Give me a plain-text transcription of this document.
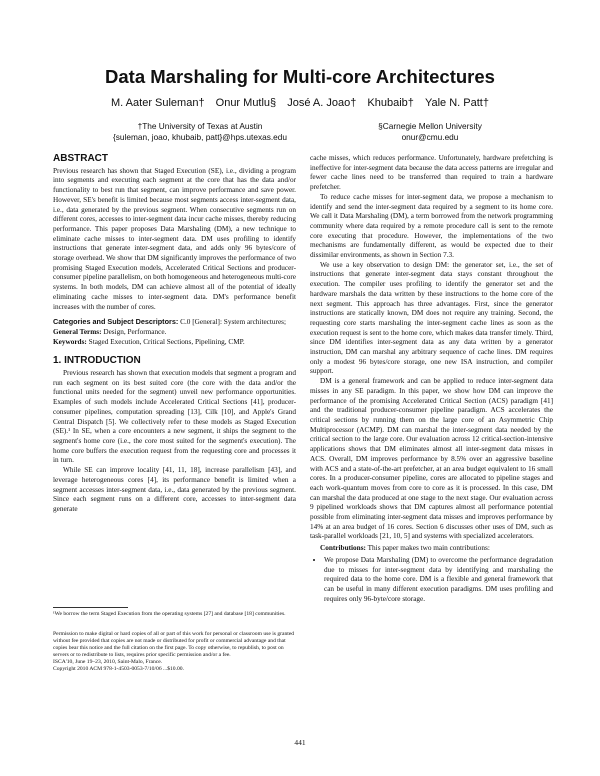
Data Marshaling for Multi-core Architectures
M. Aater Suleman† Onur Mutlu§ José A. Joao† Khubaib† Yale N. Patt†
†The University of Texas at Austin
{suleman, joao, khubaib, patt}@hps.utexas.edu
§Carnegie Mellon University
onur@cmu.edu
ABSTRACT

Previous research has shown that Staged Execution (SE), i.e., dividing a program into segments and executing each segment at the core that has the data and/or functionality to best run that segment, can improve performance and save power. However, SE's benefit is limited because most segments access inter-segment data, i.e., data generated by the previous segment. When consecutive segments run on different cores, accesses to inter-segment data incur cache misses, thereby reducing performance. This paper proposes Data Marshaling (DM), a new technique to eliminate cache misses to inter-segment data. DM uses profiling to identify instructions that generate inter-segment data, and adds only 96 bytes/core of storage overhead. We show that DM significantly improves the performance of two promising Staged Execution models, Accelerated Critical Sections and producer-consumer pipeline parallelism, on both homogeneous and heterogeneous multi-core systems. In both models, DM can achieve almost all of the potential of ideally eliminating cache misses to inter-segment data. DM's performance benefit increases with the number of cores.

Categories and Subject Descriptors: C.0 [General]: System architectures;

General Terms: Design, Performance.

Keywords: Staged Execution, Critical Sections, Pipelining, CMP.

1. INTRODUCTION

Previous research has shown that execution models that segment a program and run each segment on its best suited core (the core with the data and/or the functional units needed for the segment) unveil new performance opportunities. Examples of such models include Accelerated Critical Sections [41], producer-consumer pipelines, computation spreading [13], Cilk [10], and Apple's Grand Central Dispatch [5]. We collectively refer to these models as Staged Execution (SE).¹ In SE, when a core encounters a new segment, it ships the segment to the segment's home core (i.e., the core most suited for the segment's execution). The home core buffers the execution request from the requesting core and processes it in turn.

While SE can improve locality [41, 11, 18], increase parallelism [43], and leverage heterogeneous cores [4], its performance benefit is limited when a segment accesses inter-segment data, i.e., data generated by the previous segment. Since each segment runs on a different core, accesses to inter-segment data generate

¹We borrow the term Staged Execution from the operating systems [27] and database [18] communities.
Permission to make digital or hard copies of all or part of this work for personal or classroom use is granted without fee provided that copies are not made or distributed for profit or commercial advantage and that copies bear this notice and the full citation on the first page. To copy otherwise, to republish, to post on servers or to redistribute to lists, requires prior specific permission and/or a fee.
ISCA'10, June 19–23, 2010, Saint-Malo, France.
Copyright 2010 ACM 978-1-4503-0053-7/10/06 ...$10.00.

cache misses, which reduces performance. Unfortunately, hardware prefetching is ineffective for inter-segment data because the data access patterns are irregular and fewer cache lines need to be transferred than required to train a hardware prefetcher.

To reduce cache misses for inter-segment data, we propose a mechanism to identify and send the inter-segment data required by a segment to its home core. We call it Data Marshaling (DM), a term borrowed from the network programming community where data required by a remote procedure call is sent to the remote core executing that procedure. However, the implementations of the two mechanisms are fundamentally different, as would be expected due to their dissimilar environments, as shown in Section 7.3.

We use a key observation to design DM: the generator set, i.e., the set of instructions that generate inter-segment data stays constant throughout the execution. The compiler uses profiling to identify the generator set and the hardware marshals the data written by these instructions to the home core of the next segment. This approach has three advantages. First, since the generator instructions are statically known, DM does not require any training. Second, the requesting core starts marshaling the inter-segment cache lines as soon as the execution request is sent to the home core, which makes data transfer timely. Third, since DM identifies inter-segment data as any data written by a generator instruction, DM can marshal any arbitrary sequence of cache lines. DM requires only a modest 96 bytes/core storage, one new ISA instruction, and compiler support.

DM is a general framework and can be applied to reduce inter-segment data misses in any SE paradigm. In this paper, we show how DM can improve the performance of the promising Accelerated Critical Section (ACS) paradigm [41] and the traditional producer-consumer pipeline paradigm. ACS accelerates the critical sections by running them on the large core of an Asymmetric Chip Multiprocessor (ACMP). DM can marshal the inter-segment data needed by the critical section to the large core. Our evaluation across 12 critical-section-intensive applications shows that DM eliminates almost all inter-segment data misses in ACS. Overall, DM improves performance by 8.5% over an aggressive baseline with ACS and a state-of-the-art prefetcher, at an area budget equivalent to 16 small cores. In a producer-consumer pipeline, cores are allocated to pipeline stages and each work-quantum moves from core to core as it is processed. In this case, DM can marshal the data produced at one stage to the next stage. Our evaluation across 9 pipelined workloads shows that DM captures almost all performance potential possible from eliminating inter-segment data misses and improves performance by 14% at an area budget of 16 cores. Section 6 discusses other uses of DM, such as task-parallel workloads [21, 10, 5] and systems with specialized accelerators.

Contributions: This paper makes two main contributions:

• We propose Data Marshaling (DM) to overcome the performance degradation due to misses for inter-segment data by identifying and marshaling the required data to the home core. DM is a flexible and general framework that can be useful in many different execution paradigms. DM uses profiling and requires only 96-byte/core storage.
441
